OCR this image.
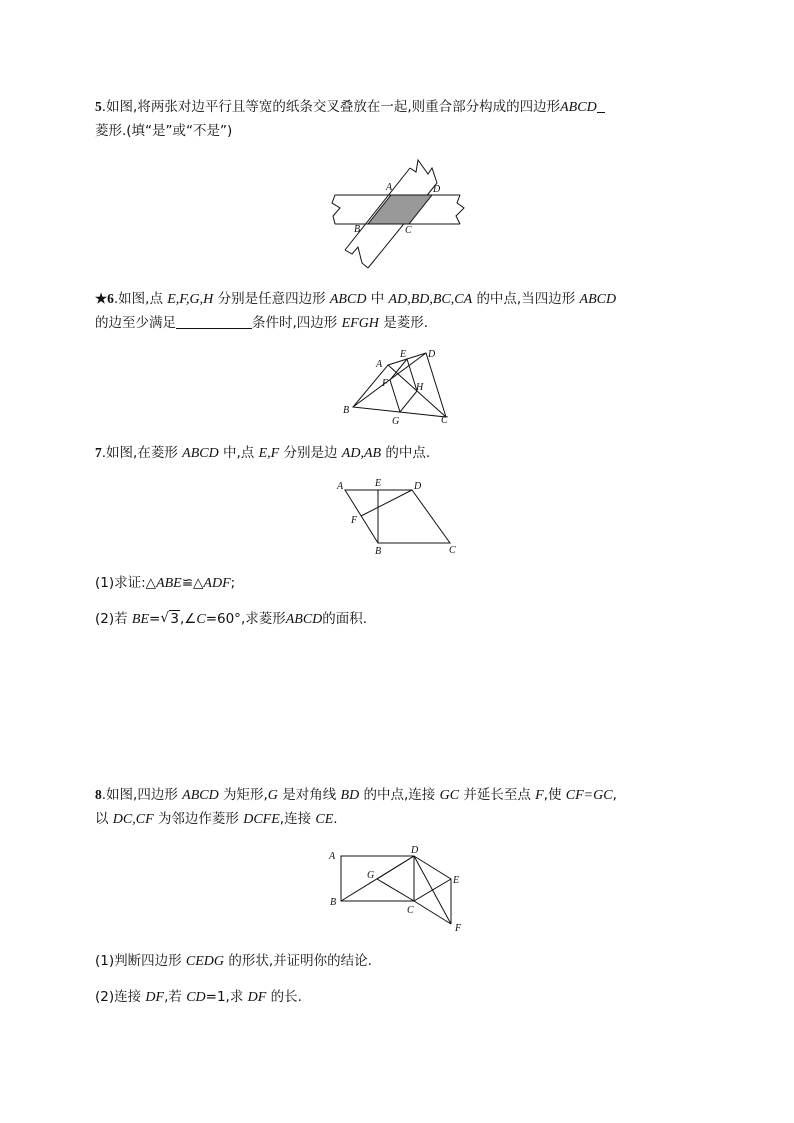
5.如图,将两张对边平行且等宽的纸条交叉叠放在一起,则重合部分构成的四边形ABCD
菱形.(填“是”或“不是”)
A	D
B	C
★6.如图,点 E,F,G,H 分别是任意四边形 ABCD 中 AD,BD,BC,CA 的中点,当四边形 ABCD
的边至少满足	条件时,四边形 EFGH 是菱形.
A
E D
F	H
B
G	C
7.如图,在菱形 ABCD 中,点 E,F 分别是边 AD,AB 的中点.
A	E	D
F
B	C
(1)求证:△ABE≌△ADF;
(2)若 BE= √ 3,∠C=60°,求菱形ABCD的面积.
8.如图,四边形 ABCD 为矩形,G 是对角线 BD 的中点,连接 GC 并延长至点 F,使 CF=GC,
以 DC,CF 为邻边作菱形 DCFE,连接 CE.
A
D
G	E
B
C
F
(1)判断四边形 CEDG 的形状,并证明你的结论.
(2)连接 DF,若 CD=1,求 DF 的长.
